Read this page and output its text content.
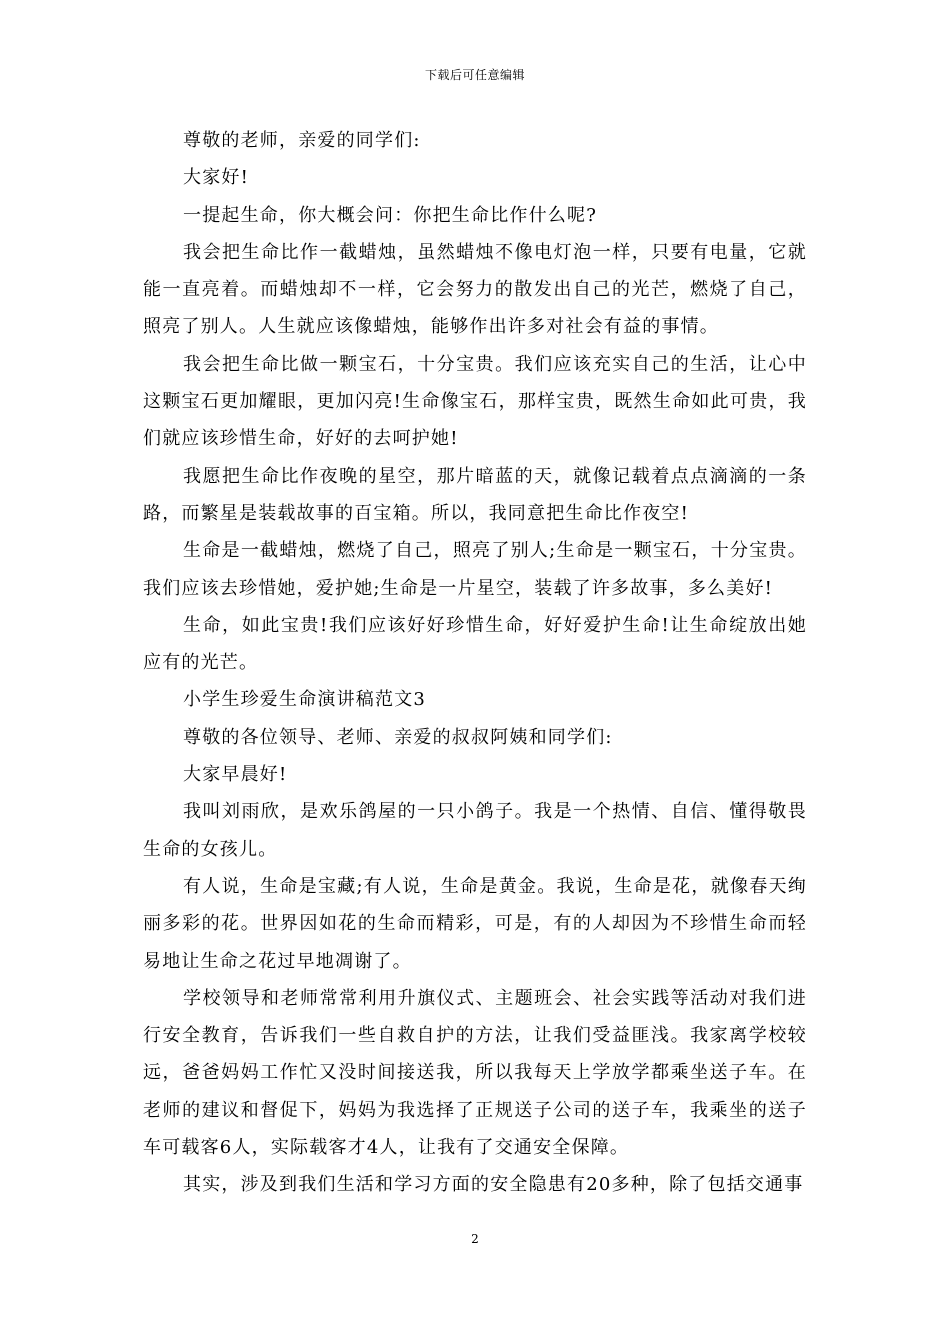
下载后可任意编辑

尊敬的老师，亲爱的同学们:

大家好!

一提起生命，你大概会问：你把生命比作什么呢?

我会把生命比作一截蜡烛，虽然蜡烛不像电灯泡一样，只要有电量，它就能一直亮着。而蜡烛却不一样，它会努力的散发出自己的光芒，燃烧了自己，照亮了别人。人生就应该像蜡烛，能够作出许多对社会有益的事情。

我会把生命比做一颗宝石，十分宝贵。我们应该充实自己的生活，让心中这颗宝石更加耀眼，更加闪亮!生命像宝石，那样宝贵，既然生命如此可贵，我们就应该珍惜生命，好好的去呵护她!

我愿把生命比作夜晚的星空，那片暗蓝的天，就像记载着点点滴滴的一条路，而繁星是装载故事的百宝箱。所以，我同意把生命比作夜空!

生命是一截蜡烛，燃烧了自己，照亮了别人;生命是一颗宝石，十分宝贵。我们应该去珍惜她，爱护她;生命是一片星空，装载了许多故事，多么美好!

生命，如此宝贵!我们应该好好珍惜生命，好好爱护生命!让生命绽放出她应有的光芒。

小学生珍爱生命演讲稿范文3

尊敬的各位领导、老师、亲爱的叔叔阿姨和同学们:

大家早晨好!

我叫刘雨欣，是欢乐鸽屋的一只小鸽子。我是一个热情、自信、懂得敬畏生命的女孩儿。

有人说，生命是宝藏;有人说，生命是黄金。我说，生命是花，就像春天绚丽多彩的花。世界因如花的生命而精彩，可是，有的人却因为不珍惜生命而轻易地让生命之花过早地凋谢了。

学校领导和老师常常利用升旗仪式、主题班会、社会实践等活动对我们进行安全教育，告诉我们一些自救自护的方法，让我们受益匪浅。我家离学校较远，爸爸妈妈工作忙又没时间接送我，所以我每天上学放学都乘坐送子车。在老师的建议和督促下，妈妈为我选择了正规送子公司的送子车，我乘坐的送子车可载客6人，实际载客才4人，让我有了交通安全保障。

其实，涉及到我们生活和学习方面的安全隐患有20多种，除了包括交通事

2
